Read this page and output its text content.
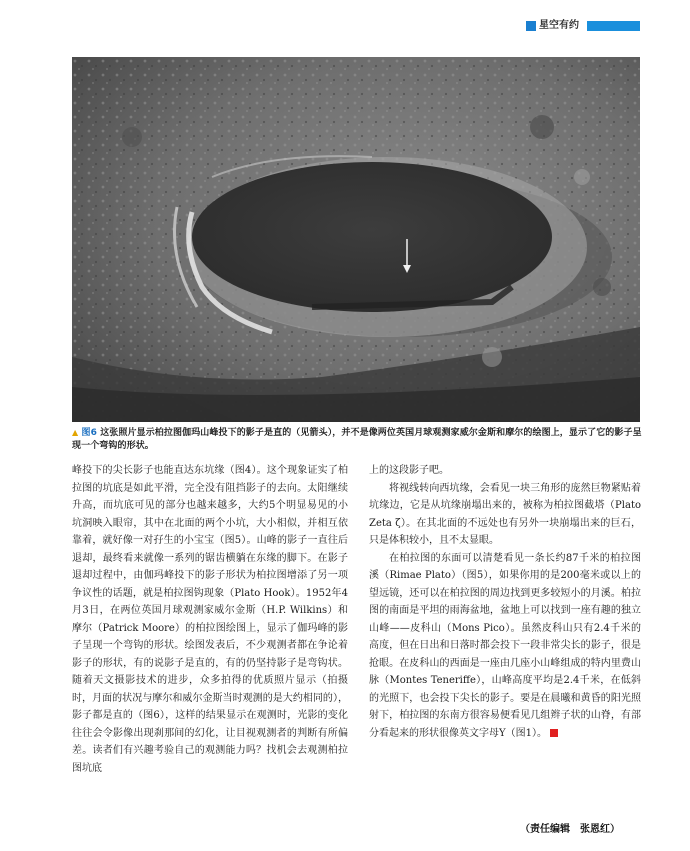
星空有约
▲ 图6 这张照片显示柏拉图伽玛山峰投下的影子是直的（见箭头），并不是像两位英国月球观测家威尔金斯和摩尔的绘图上，显示了它的影子呈现一个弯钩的形状。

峰投下的尖长影子也能直达东坑缘（图4）。这个现象证实了柏拉图的坑底是如此平滑，完全没有阻挡影子的去向。太阳继续升高，而坑底可见的部分也越来越多，大约5个明显易见的小坑洞映入眼帘，其中在北面的两个小坑，大小相似，并相互依靠着，就好像一对孖生的小宝宝（图5）。山峰的影子一直往后退却，最终看来就像一系列的锯齿横躺在东缘的脚下。在影子退却过程中，由伽玛峰投下的影子形状为柏拉图增添了另一项争议性的话题，就是柏拉图钩现象（Plato Hook）。1952年4月3日，在两位英国月球观测家威尔金斯（H.P. Wilkins）和摩尔（Patrick Moore）的柏拉图绘图上，显示了伽玛峰的影子呈现一个弯钩的形状。绘图发表后，不少观测者都在争论着影子的形状，有的说影子是直的，有的仍坚持影子是弯钩状。随着天文摄影技术的进步，众多拍得的优质照片显示（拍摄时，月面的状况与摩尔和威尔金斯当时观测的是大约相同的），影子都是直的（图6），这样的结果显示在观测时，光影的变化往往会令影像出现刹那间的幻化，让目视观测者的判断有所偏差。读者们有兴趣考验自己的观测能力吗？找机会去观测柏拉图坑底

上的这段影子吧。

将视线转向西坑缘，会看见一块三角形的庞然巨物紧贴着坑缘边，它是从坑缘崩塌出来的，被称为柏拉图截塔（Plato Zeta ζ）。在其北面的不远处也有另外一块崩塌出来的巨石，只是体积较小，且不太显眼。

在柏拉图的东面可以清楚看见一条长约87千米的柏拉图溪（Rimae Plato）（图5），如果你用的是200毫米或以上的望远镜，还可以在柏拉图的周边找到更多较短小的月溪。柏拉图的南面是平坦的雨海盆地，盆地上可以找到一座有趣的独立山峰——皮科山（Mons Pico）。虽然皮科山只有2.4千米的高度，但在日出和日落时都会投下一段非常尖长的影子，很是抢眼。在皮科山的西面是一座由几座小山峰组成的特内里费山脉（Montes Teneriffe），山峰高度平均是2.4千米，在低斜的光照下，也会投下尖长的影子。要是在晨曦和黄昏的阳光照射下，柏拉图的东南方很容易便看见几组辫子状的山脊，有部分看起来的形状很像英文字母Y（图1）。

（责任编辑　张恩红）
